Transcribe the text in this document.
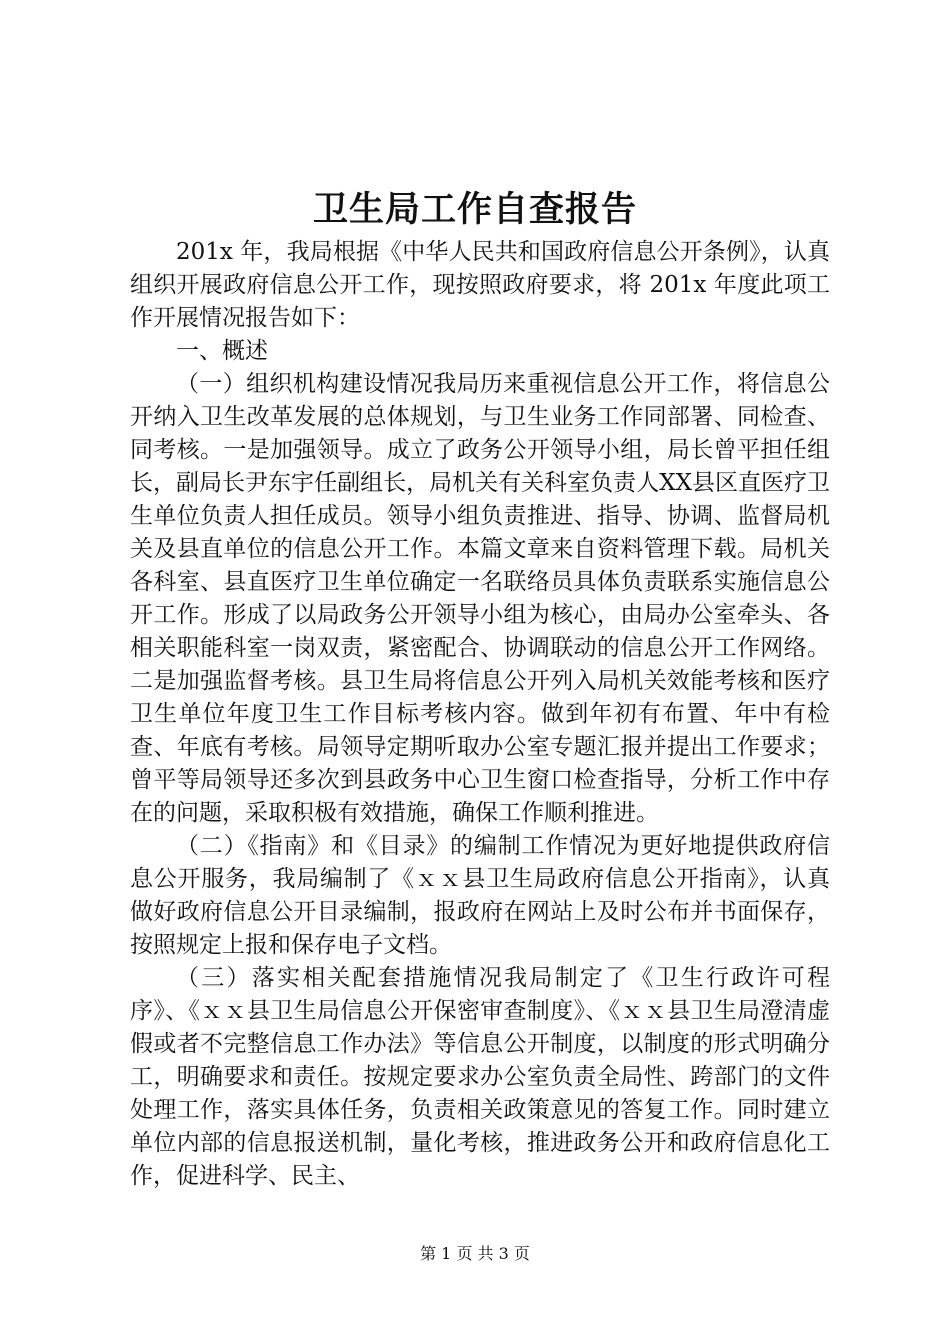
卫生局工作自查报告

201x 年，我局根据《中华人民共和国政府信息公开条例》，认真组织开展政府信息公开工作，现按照政府要求，将 201x 年度此项工作开展情况报告如下：

一、概述

（一）组织机构建设情况我局历来重视信息公开工作，将信息公开纳入卫生改革发展的总体规划，与卫生业务工作同部署、同检查、同考核。一是加强领导。成立了政务公开领导小组，局长曾平担任组长，副局长尹东宇任副组长，局机关有关科室负责人XX县区直医疗卫生单位负责人担任成员。领导小组负责推进、指导、协调、监督局机关及县直单位的信息公开工作。本篇文章来自资料管理下载。局机关各科室、县直医疗卫生单位确定一名联络员具体负责联系实施信息公开工作。形成了以局政务公开领导小组为核心，由局办公室牵头、各相关职能科室一岗双责，紧密配合、协调联动的信息公开工作网络。二是加强监督考核。县卫生局将信息公开列入局机关效能考核和医疗卫生单位年度卫生工作目标考核内容。做到年初有布置、年中有检查、年底有考核。局领导定期听取办公室专题汇报并提出工作要求；曾平等局领导还多次到县政务中心卫生窗口检查指导，分析工作中存在的问题，采取积极有效措施，确保工作顺利推进。

（二）《指南》和《目录》的编制工作情况为更好地提供政府信息公开服务，我局编制了《ｘｘ县卫生局政府信息公开指南》，认真做好政府信息公开目录编制，报政府在网站上及时公布并书面保存，按照规定上报和保存电子文档。

（三）落实相关配套措施情况我局制定了《卫生行政许可程序》、《ｘｘ县卫生局信息公开保密审查制度》、《ｘｘ县卫生局澄清虚假或者不完整信息工作办法》等信息公开制度，以制度的形式明确分工，明确要求和责任。按规定要求办公室负责全局性、跨部门的文件处理工作，落实具体任务，负责相关政策意见的答复工作。同时建立单位内部的信息报送机制，量化考核，推进政务公开和政府信息化工作，促进科学、民主、

第 1 页 共 3 页
